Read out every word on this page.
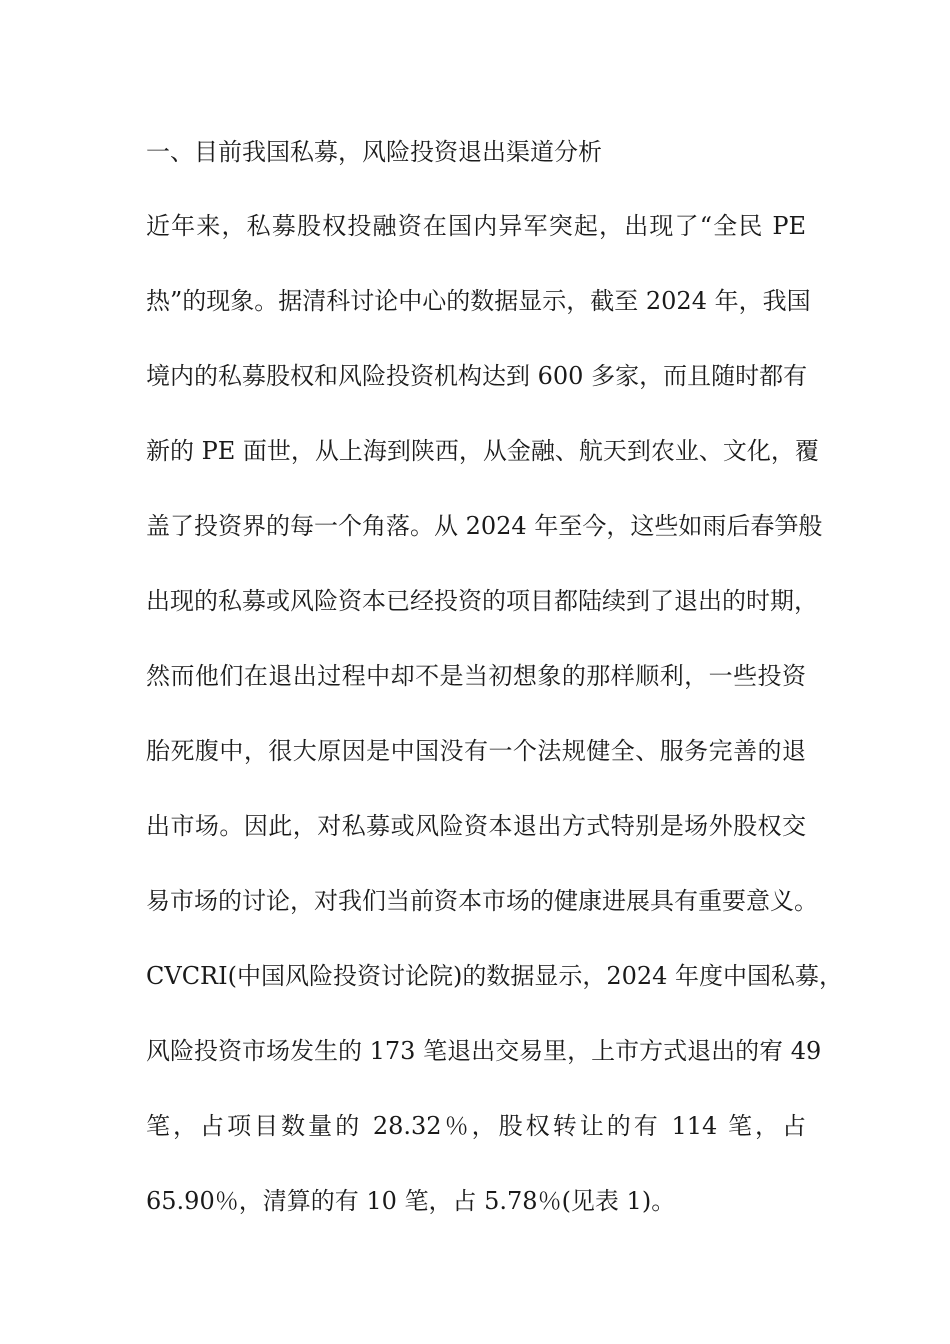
一、目前我国私募，风险投资退出渠道分析
近年来，私募股权投融资在国内异军突起，出现了“全民 PE
热”的现象。据清科讨论中心的数据显示，截至 2024 年，我国
境内的私募股权和风险投资机构达到 600 多家，而且随时都有
新的 PE 面世，从上海到陕西，从金融、航天到农业、文化，覆
盖了投资界的每一个角落。从 2024 年至今，这些如雨后春笋般
出现的私募或风险资本已经投资的项目都陆续到了退出的时期，
然而他们在退出过程中却不是当初想象的那样顺利，一些投资
胎死腹中，很大原因是中国没有一个法规健全、服务完善的退
出市场。因此，对私募或风险资本退出方式特别是场外股权交
易市场的讨论，对我们当前资本市场的健康进展具有重要意义。
CVCRI(中国风险投资讨论院)的数据显示，2024 年度中国私募，
风险投资市场发生的 173 笔退出交易里，上市方式退出的宥 49
笔，占项目数量的 28.32％，股权转让的有 114 笔，占
65.90％，清算的有 10 笔，占 5.78％(见表 1)。
